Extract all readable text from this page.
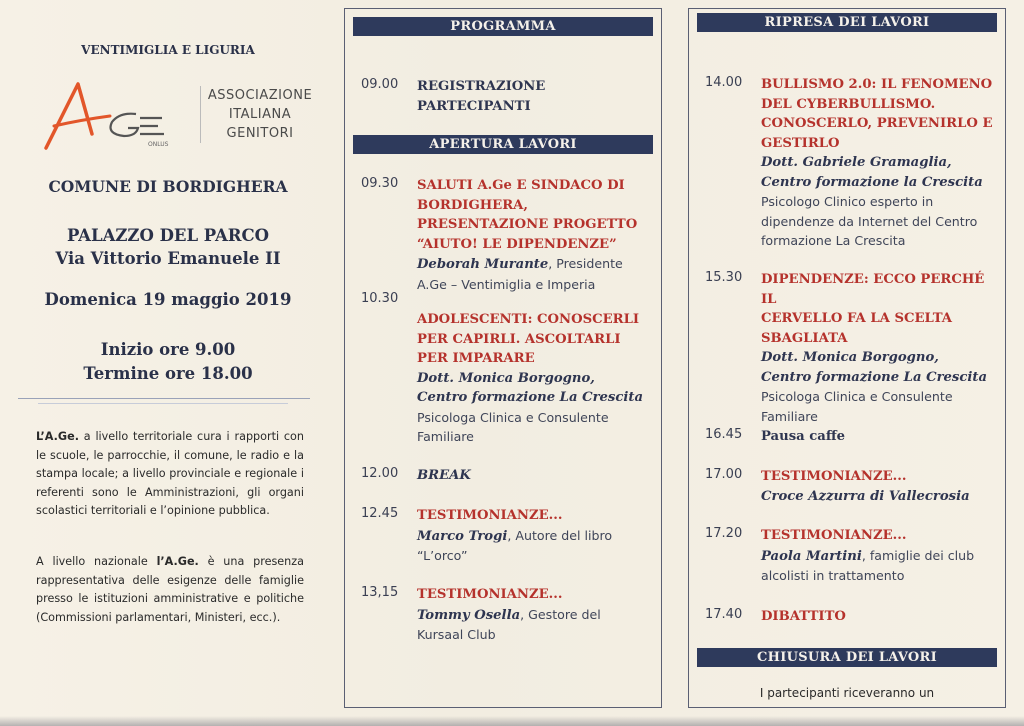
VENTIMIGLIA E LIGURIA
ONLUS
ASSOCIAZIONE
ITALIANA
GENITORI
COMUNE DI BORDIGHERA
PALAZZO DEL PARCO
Via Vittorio Emanuele II
Domenica 19 maggio 2019
Inizio ore 9.00
Termine ore 18.00
L’A.Ge. a livello territoriale cura i rapporti con le scuole, le parrocchie, il comune, le radio e la stampa locale; a livello provinciale e regionale i referenti sono le Amministrazioni, gli organi scolastici territoriali e l’opinione pubblica.
A livello nazionale l’A.Ge. è una presenza rappresentativa delle esigenze delle famiglie presso le istituzioni amministrative e politiche (Commissioni parlamentari, Ministeri, ecc.).
PROGRAMMA
09.00 REGISTRAZIONE
PARTECIPANTI
APERTURA LAVORI
09.30 SALUTI A.Ge E SINDACO DI
BORDIGHERA,
PRESENTAZIONE PROGETTO
“AIUTO! LE DIPENDENZE”
Deborah Murante, Presidente
A.Ge – Ventimiglia e Imperia
10.30
ADOLESCENTI: CONOSCERLI
PER CAPIRLI. ASCOLTARLI
PER IMPARARE
Dott. Monica Borgogno,
Centro formazione La Crescita
Psicologa Clinica e Consulente
Familiare
12.00 BREAK
12.45 TESTIMONIANZE...
Marco Trogi, Autore del libro
“L’orco”
13,15 TESTIMONIANZE...
Tommy Osella, Gestore del
Kursaal Club
RIPRESA DEI LAVORI
14.00 BULLISMO 2.0: IL FENOMENO
DEL CYBERBULLISMO.
CONOSCERLO, PREVENIRLO E
GESTIRLO
Dott. Gabriele Gramaglia,
Centro formazione la Crescita
Psicologo Clinico esperto in
dipendenze da Internet del Centro
formazione La Crescita
15.30 DIPENDENZE: ECCO PERCHÉ IL
CERVELLO FA LA SCELTA
SBAGLIATA
Dott. Monica Borgogno,
Centro formazione La Crescita
Psicologa Clinica e Consulente
Familiare
16.45 Pausa caffe
17.00 TESTIMONIANZE...
Croce Azzurra di Vallecrosia
17.20 TESTIMONIANZE...
Paola Martini, famiglie dei club
alcolisti in trattamento
17.40 DIBATTITO
CHIUSURA DEI LAVORI
I partecipanti riceveranno un
